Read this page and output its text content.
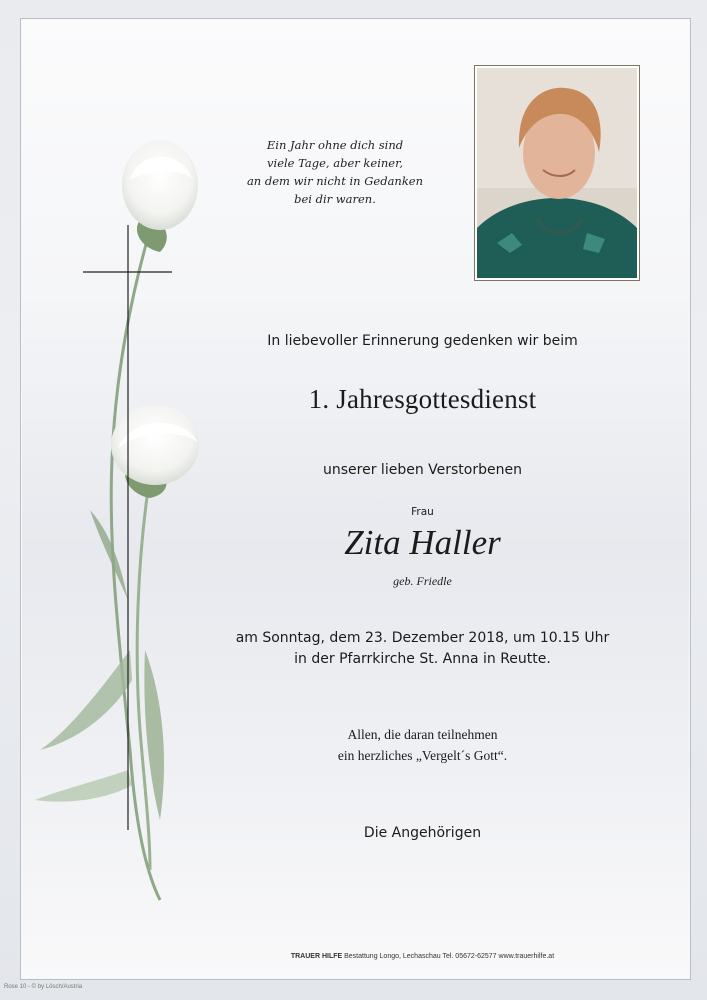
Ein Jahr ohne dich sind
viele Tage, aber keiner,
an dem wir nicht in Gedanken
bei dir waren.
In liebevoller Erinnerung gedenken wir beim
1. Jahresgottesdienst
unserer lieben Verstorbenen
Frau
Zita Haller
geb. Friedle
am Sonntag, dem 23. Dezember 2018, um 10.15 Uhr
in der Pfarrkirche St. Anna in Reutte.
Allen, die daran teilnehmen
ein herzliches „Vergelt´s Gott“.
Die Angehörigen
TRAUER HILFE Bestattung Longo, Lechaschau Tel. 05672-62577 www.trauerhilfe.at
Rose 10 - © by Lösch/Austria
